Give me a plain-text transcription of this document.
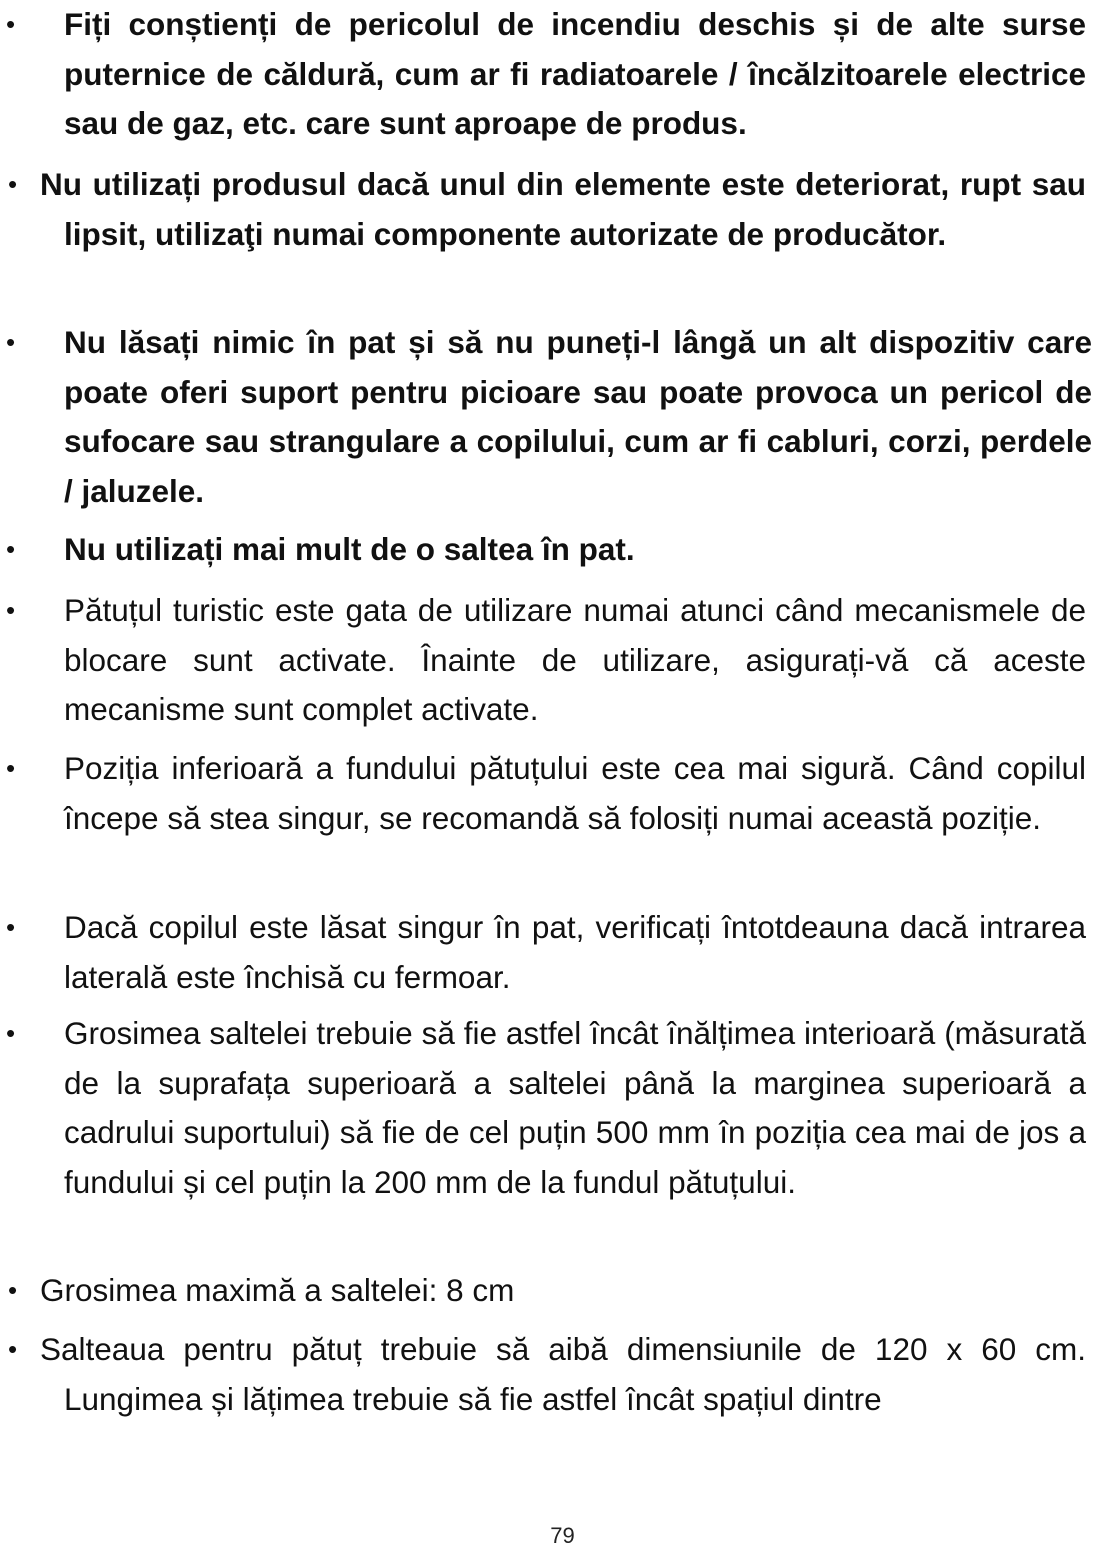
• Fiți conștienți de pericolul de incendiu deschis și de alte surse puternice de căldură, cum ar fi radiatoarele / încălzitoarele electrice sau de gaz, etc. care sunt aproape de produs.
• Nu utilizați produsul dacă unul din elemente este deteriorat, rupt sau lipsit, utilizaţi numai componente autorizate de producător.
• Nu lăsați nimic în pat și să nu puneți-l lângă un alt dispozitiv care poate oferi suport pentru picioare sau poate provoca un pericol de sufocare sau strangulare a copilului, cum ar fi cabluri, corzi, perdele / jaluzele.
• Nu utilizați mai mult de o saltea în pat.
• Pătuțul turistic este gata de utilizare numai atunci când mecanismele de blocare sunt activate. Înainte de utilizare, asigurați-vă că aceste mecanisme sunt complet activate.
• Poziția inferioară a fundului pătuțului este cea mai sigură. Când copilul începe să stea singur, se recomandă să folosiți numai această poziție.
• Dacă copilul este lăsat singur în pat, verificați întotdeauna dacă intrarea laterală este închisă cu fermoar.
• Grosimea saltelei trebuie să fie astfel încât înălțimea interioară (măsurată de la suprafața superioară a saltelei până la marginea superioară a cadrului suportului) să fie de cel puțin 500 mm în poziția cea mai de jos a fundului și cel puțin la 200 mm de la fundul pătuțului.
• Grosimea maximă a saltelei: 8 cm
• Salteaua pentru pătuț trebuie să aibă dimensiunile de 120 x 60 cm. Lungimea și lățimea trebuie să fie astfel încât spațiul dintre
79
